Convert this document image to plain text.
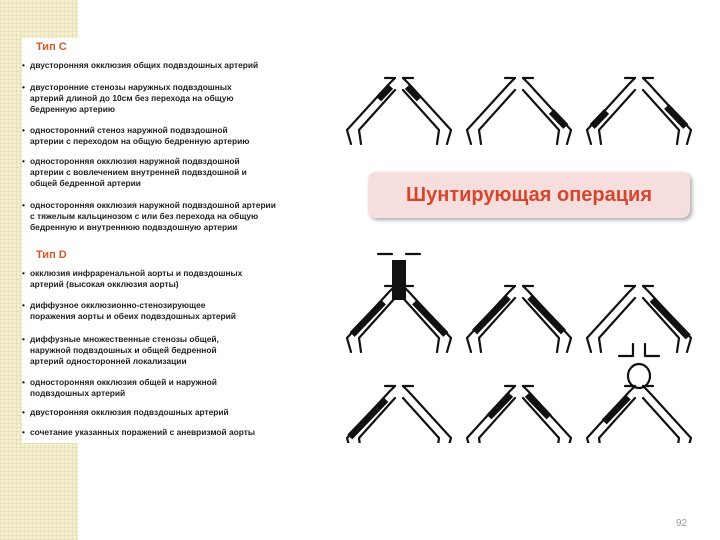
Тип С
• двусторонняя окклюзия общих подвздошных артерий
• двусторонние стенозы наружных подвздошных
артерий длиной до 10см без перехода на общую
бедренную артерию
• односторонний стеноз наружной подвздошной
артерии с переходом на общую бедренную артерию
• односторонняя окклюзия наружной подвздошной
артерии с вовлечением внутренней подвздошной и
общей бедренной артерии
• односторонняя окклюзия наружной подвздошной артерии
с тяжелым кальцинозом с или без перехода на общую
бедренную и внутреннюю подвздошную артерии
Тип D
• окклюзия инфраренальной аорты и подвздошных
артерий (высокая окклюзия аорты)
• диффузное окклюзионно-стенозирующее
поражения аорты и обеих подвздошных артерий
• диффузные множественные стенозы общей,
наружной подвздошных и общей бедренной
артерий односторонней локализации
• односторонняя окклюзия общей и наружной
подвздошных артерий
• двусторонняя окклюзия подвздошных артерий
• сочетание указанных поражений с аневризмой аорты
Шунтирующая операция
92
